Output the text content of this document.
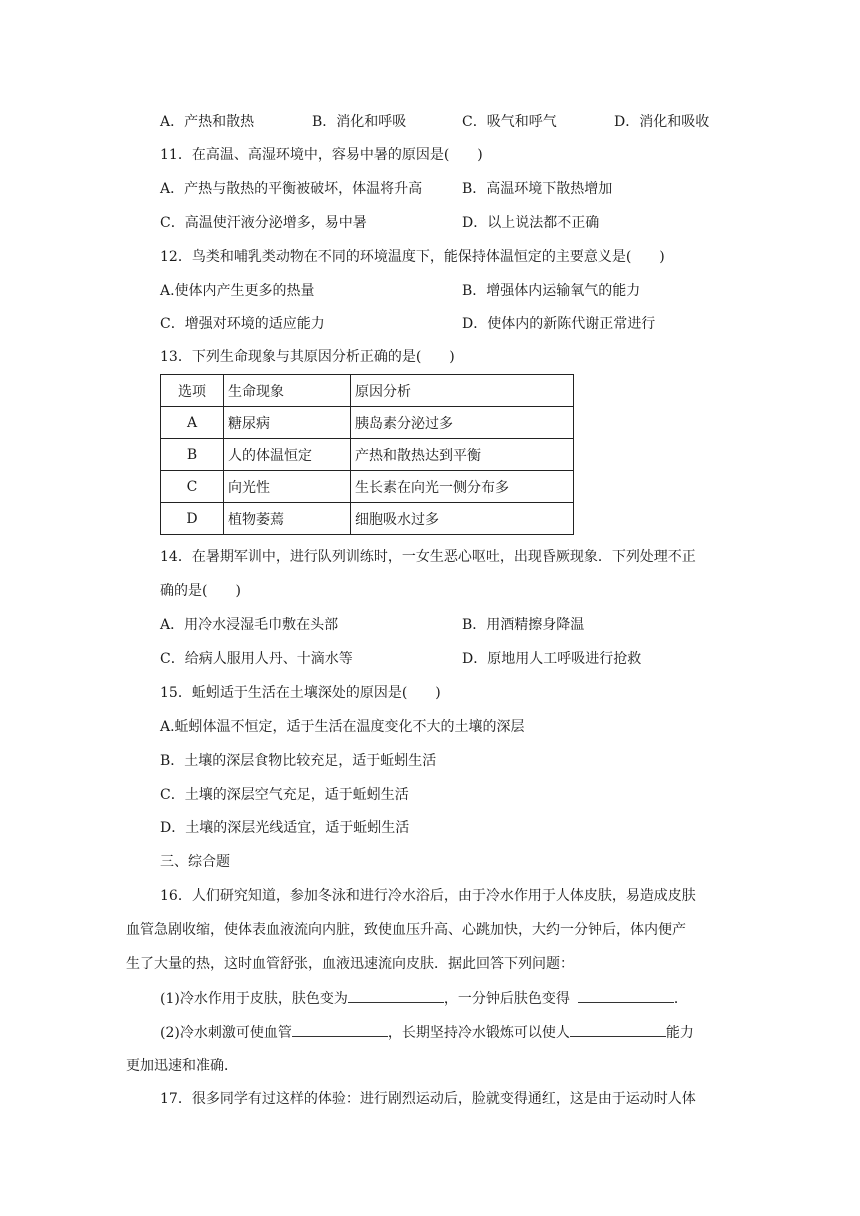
A．产热和散热	B．消化和呼吸	C．吸气和呼气	D．消化和吸收
11．在高温、高湿环境中，容易中暑的原因是(　　)
A．产热与散热的平衡被破坏，体温将升高	B．高温环境下散热增加
C．高温使汗液分泌增多，易中暑	D．以上说法都不正确
12．鸟类和哺乳类动物在不同的环境温度下，能保持体温恒定的主要意义是(　　)
A.使体内产生更多的热量	B．增强体内运输氧气的能力
C．增强对环境的适应能力	D．使体内的新陈代谢正常进行
13．下列生命现象与其原因分析正确的是(　　)
选项	生命现象	原因分析
A	糖尿病	胰岛素分泌过多
B	人的体温恒定	产热和散热达到平衡
C	向光性	生长素在向光一侧分布多
D	植物萎蔫	细胞吸水过多
14．在暑期军训中，进行队列训练时，一女生恶心呕吐，出现昏厥现象．下列处理不正
确的是(　　)
A．用冷水浸湿毛巾敷在头部	B．用酒精擦身降温
C．给病人服用人丹、十滴水等	D．原地用人工呼吸进行抢救
15．蚯蚓适于生活在土壤深处的原因是(　　)
A.蚯蚓体温不恒定，适于生活在温度变化不大的土壤的深层
B．土壤的深层食物比较充足，适于蚯蚓生活
C．土壤的深层空气充足，适于蚯蚓生活
D．土壤的深层光线适宜，适于蚯蚓生活
三、综合题
16．人们研究知道，参加冬泳和进行冷水浴后，由于冷水作用于人体皮肤，易造成皮肤
血管急剧收缩，使体表血液流向内脏，致使血压升高、心跳加快，大约一分钟后，体内便产
生了大量的热，这时血管舒张，血液迅速流向皮肤．据此回答下列问题：
(1)冷水作用于皮肤，肤色变为	，一分钟后肤色变得	．
(2)冷水刺激可使血管	，长期坚持冷水锻炼可以使人	能力
更加迅速和准确．
17．很多同学有过这样的体验：进行剧烈运动后，脸就变得通红，这是由于运动时人体
